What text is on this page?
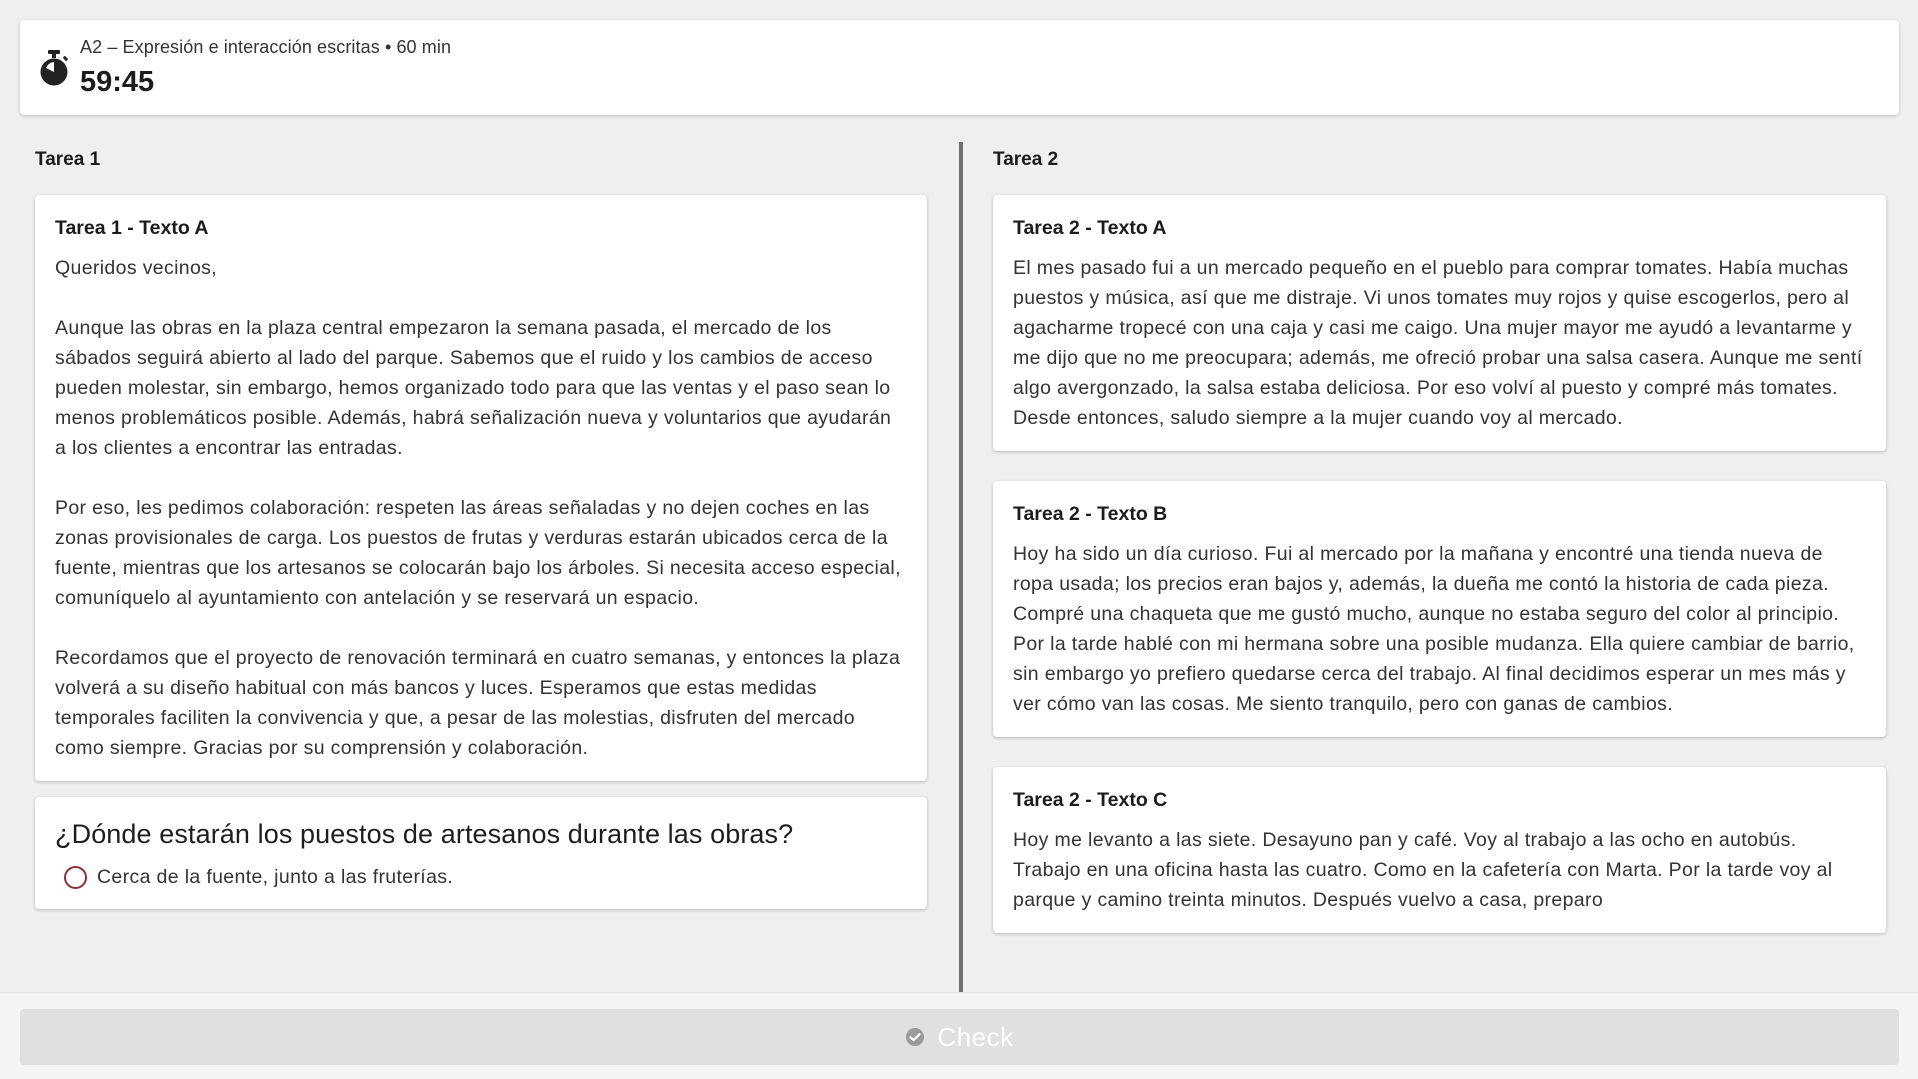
A2 – Expresión e interacción escritas • 60 min
59:45
Tarea 1
Tarea 1 - Texto A

Queridos vecinos,

Aunque las obras en la plaza central empezaron la semana pasada, el mercado de los sábados seguirá abierto al lado del parque. Sabemos que el ruido y los cambios de acceso pueden molestar, sin embargo, hemos organizado todo para que las ventas y el paso sean lo menos problemáticos posible. Además, habrá señalización nueva y voluntarios que ayudarán a los clientes a encontrar las entradas.

Por eso, les pedimos colaboración: respeten las áreas señaladas y no dejen coches en las zonas provisionales de carga. Los puestos de frutas y verduras estarán ubicados cerca de la fuente, mientras que los artesanos se colocarán bajo los árboles. Si necesita acceso especial, comuníquelo al ayuntamiento con antelación y se reservará un espacio.

Recordamos que el proyecto de renovación terminará en cuatro semanas, y entonces la plaza volverá a su diseño habitual con más bancos y luces. Esperamos que estas medidas temporales faciliten la convivencia y que, a pesar de las molestias, disfruten del mercado como siempre. Gracias por su comprensión y colaboración.

¿Dónde estarán los puestos de artesanos durante las obras?
Cerca de la fuente, junto a las fruterías.
Tarea 2
Tarea 2 - Texto A

El mes pasado fui a un mercado pequeño en el pueblo para comprar tomates. Había muchas puestos y música, así que me distraje. Vi unos tomates muy rojos y quise escogerlos, pero al agacharme tropecé con una caja y casi me caigo. Una mujer mayor me ayudó a levantarme y me dijo que no me preocupara; además, me ofreció probar una salsa casera. Aunque me sentí algo avergonzado, la salsa estaba deliciosa. Por eso volví al puesto y compré más tomates. Desde entonces, saludo siempre a la mujer cuando voy al mercado.

Tarea 2 - Texto B

Hoy ha sido un día curioso. Fui al mercado por la mañana y encontré una tienda nueva de ropa usada; los precios eran bajos y, además, la dueña me contó la historia de cada pieza. Compré una chaqueta que me gustó mucho, aunque no estaba seguro del color al principio. Por la tarde hablé con mi hermana sobre una posible mudanza. Ella quiere cambiar de barrio, sin embargo yo prefiero quedarse cerca del trabajo. Al final decidimos esperar un mes más y ver cómo van las cosas. Me siento tranquilo, pero con ganas de cambios.

Tarea 2 - Texto C

Hoy me levanto a las siete. Desayuno pan y café. Voy al trabajo a las ocho en autobús. Trabajo en una oficina hasta las cuatro. Como en la cafetería con Marta. Por la tarde voy al parque y camino treinta minutos. Después vuelvo a casa, preparo

Check
